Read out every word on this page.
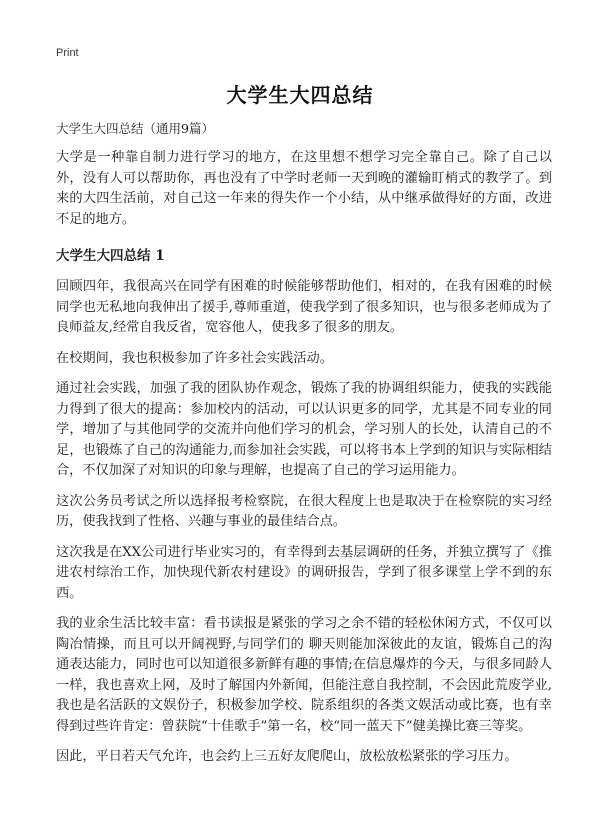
Print
大学生大四总结

大学生大四总结（通用9篇）

大学是一种靠自制力进行学习的地方，在这里想不想学习完全靠自己。除了自己以外，没有人可以帮助你，再也没有了中学时老师一天到晚的灌输盯梢式的教学了。到来的大四生活前，对自己这一年来的得失作一个小结，从中继承做得好的方面，改进不足的地方。

大学生大四总结 1

回顾四年，我很高兴在同学有困难的时候能够帮助他们，相对的，在我有困难的时候同学也无私地向我伸出了援手,尊师重道，使我学到了很多知识，也与很多老师成为了良师益友,经常自我反省，宽容他人，使我多了很多的朋友。

在校期间，我也积极参加了许多社会实践活动。

通过社会实践，加强了我的团队协作观念，锻炼了我的协调组织能力，使我的实践能力得到了很大的提高：参加校内的活动，可以认识更多的同学，尤其是不同专业的同学，增加了与其他同学的交流并向他们学习的机会，学习别人的长处，认清自己的不足，也锻炼了自己的沟通能力,而参加社会实践，可以将书本上学到的知识与实际相结合，不仅加深了对知识的印象与理解，也提高了自己的学习运用能力。

这次公务员考试之所以选择报考检察院，在很大程度上也是取决于在检察院的实习经历，使我找到了性格、兴趣与事业的最佳结合点。

这次我是在XX公司进行毕业实习的，有幸得到去基层调研的任务，并独立撰写了《推进农村综治工作，加快现代新农村建设》的调研报告，学到了很多课堂上学不到的东西。

我的业余生活比较丰富：看书读报是紧张的学习之余不错的轻松休闲方式，不仅可以陶冶情操，而且可以开阔视野,与同学们的 聊天则能加深彼此的友谊，锻炼自己的沟通表达能力，同时也可以知道很多新鲜有趣的事情;在信息爆炸的今天，与很多同龄人一样，我也喜欢上网，及时了解国内外新闻，但能注意自我控制，不会因此荒废学业,我也是名活跃的文娱份子，积极参加学校、院系组织的各类文娱活动或比赛，也有幸得到过些许肯定：曾获院“十佳歌手”第一名，校“同一蓝天下”健美操比赛三等奖。

因此，平日若天气允许，也会约上三五好友爬爬山，放松放松紧张的学习压力。
